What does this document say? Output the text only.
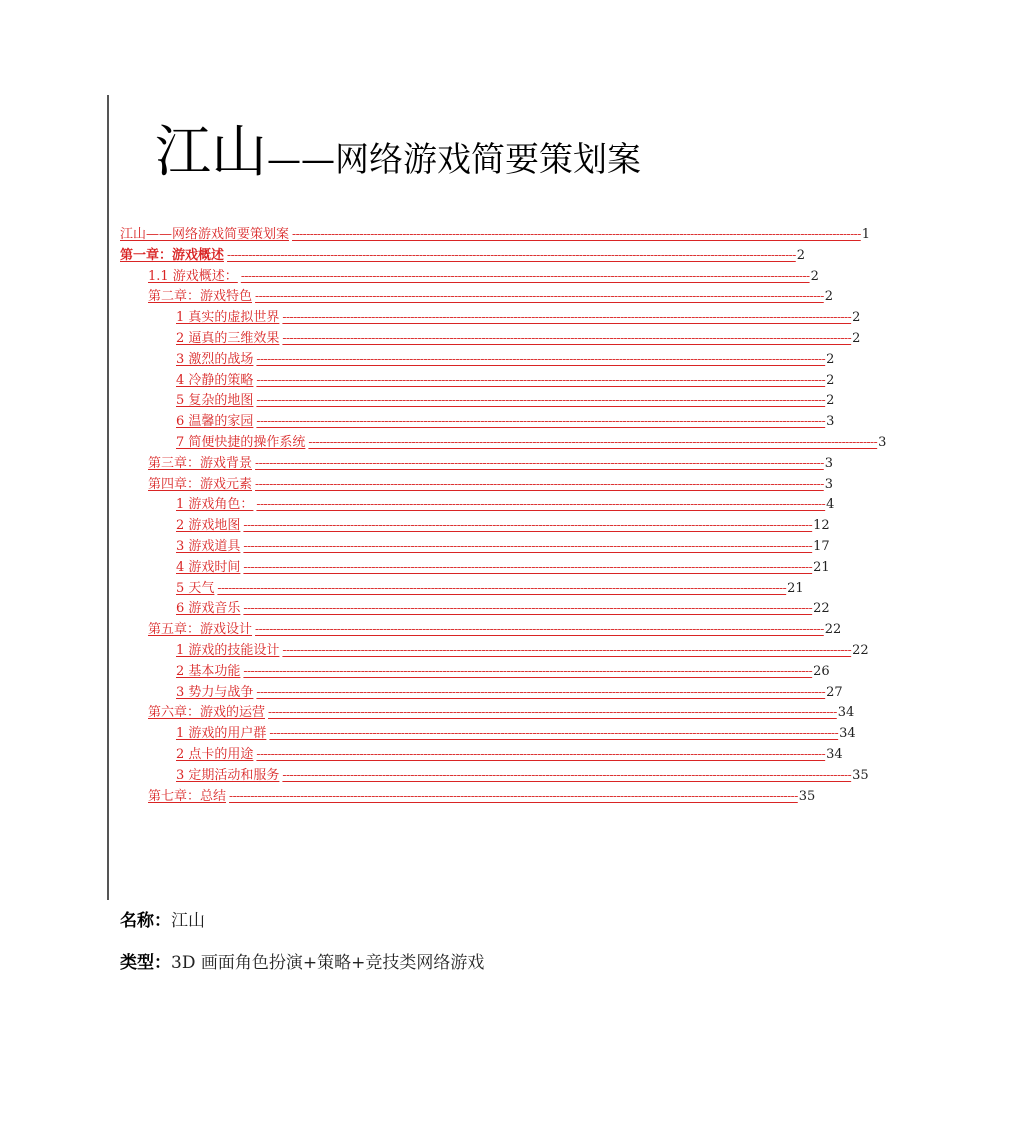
江山——网络游戏简要策划案
江山——网络游戏简要策划案 ---------------------------------------------------------------------------------------------------------------------------------------------------------------- 1
第一章：游戏概述 ---------------------------------------------------------------------------------------------------------------------------------------------------------------- 2
1.1 游戏概述： ---------------------------------------------------------------------------------------------------------------------------------------------------------------- 2
第二章：游戏特色 ---------------------------------------------------------------------------------------------------------------------------------------------------------------- 2
1 真实的虚拟世界 ---------------------------------------------------------------------------------------------------------------------------------------------------------------- 2
2 逼真的三维效果 ---------------------------------------------------------------------------------------------------------------------------------------------------------------- 2
3 激烈的战场 ---------------------------------------------------------------------------------------------------------------------------------------------------------------- 2
4 冷静的策略 ---------------------------------------------------------------------------------------------------------------------------------------------------------------- 2
5 复杂的地图 ---------------------------------------------------------------------------------------------------------------------------------------------------------------- 2
6 温馨的家园 ---------------------------------------------------------------------------------------------------------------------------------------------------------------- 3
7 简便快捷的操作系统 ---------------------------------------------------------------------------------------------------------------------------------------------------------------- 3
第三章：游戏背景 ---------------------------------------------------------------------------------------------------------------------------------------------------------------- 3
第四章：游戏元素 ---------------------------------------------------------------------------------------------------------------------------------------------------------------- 3
1 游戏角色： ---------------------------------------------------------------------------------------------------------------------------------------------------------------- 4
2 游戏地图 ---------------------------------------------------------------------------------------------------------------------------------------------------------------- 12
3 游戏道具 ---------------------------------------------------------------------------------------------------------------------------------------------------------------- 17
4 游戏时间 ---------------------------------------------------------------------------------------------------------------------------------------------------------------- 21
5 天气 ---------------------------------------------------------------------------------------------------------------------------------------------------------------- 21
6 游戏音乐 ---------------------------------------------------------------------------------------------------------------------------------------------------------------- 22
第五章：游戏设计 ---------------------------------------------------------------------------------------------------------------------------------------------------------------- 22
1 游戏的技能设计 ---------------------------------------------------------------------------------------------------------------------------------------------------------------- 22
2 基本功能 ---------------------------------------------------------------------------------------------------------------------------------------------------------------- 26
3 势力与战争 ---------------------------------------------------------------------------------------------------------------------------------------------------------------- 27
第六章：游戏的运营 ---------------------------------------------------------------------------------------------------------------------------------------------------------------- 34
1 游戏的用户群 ---------------------------------------------------------------------------------------------------------------------------------------------------------------- 34
2 点卡的用途 ---------------------------------------------------------------------------------------------------------------------------------------------------------------- 34
3 定期活动和服务 ---------------------------------------------------------------------------------------------------------------------------------------------------------------- 35
第七章：总结 ---------------------------------------------------------------------------------------------------------------------------------------------------------------- 35
名称：江山
类型：3D 画面角色扮演+策略+竞技类网络游戏
